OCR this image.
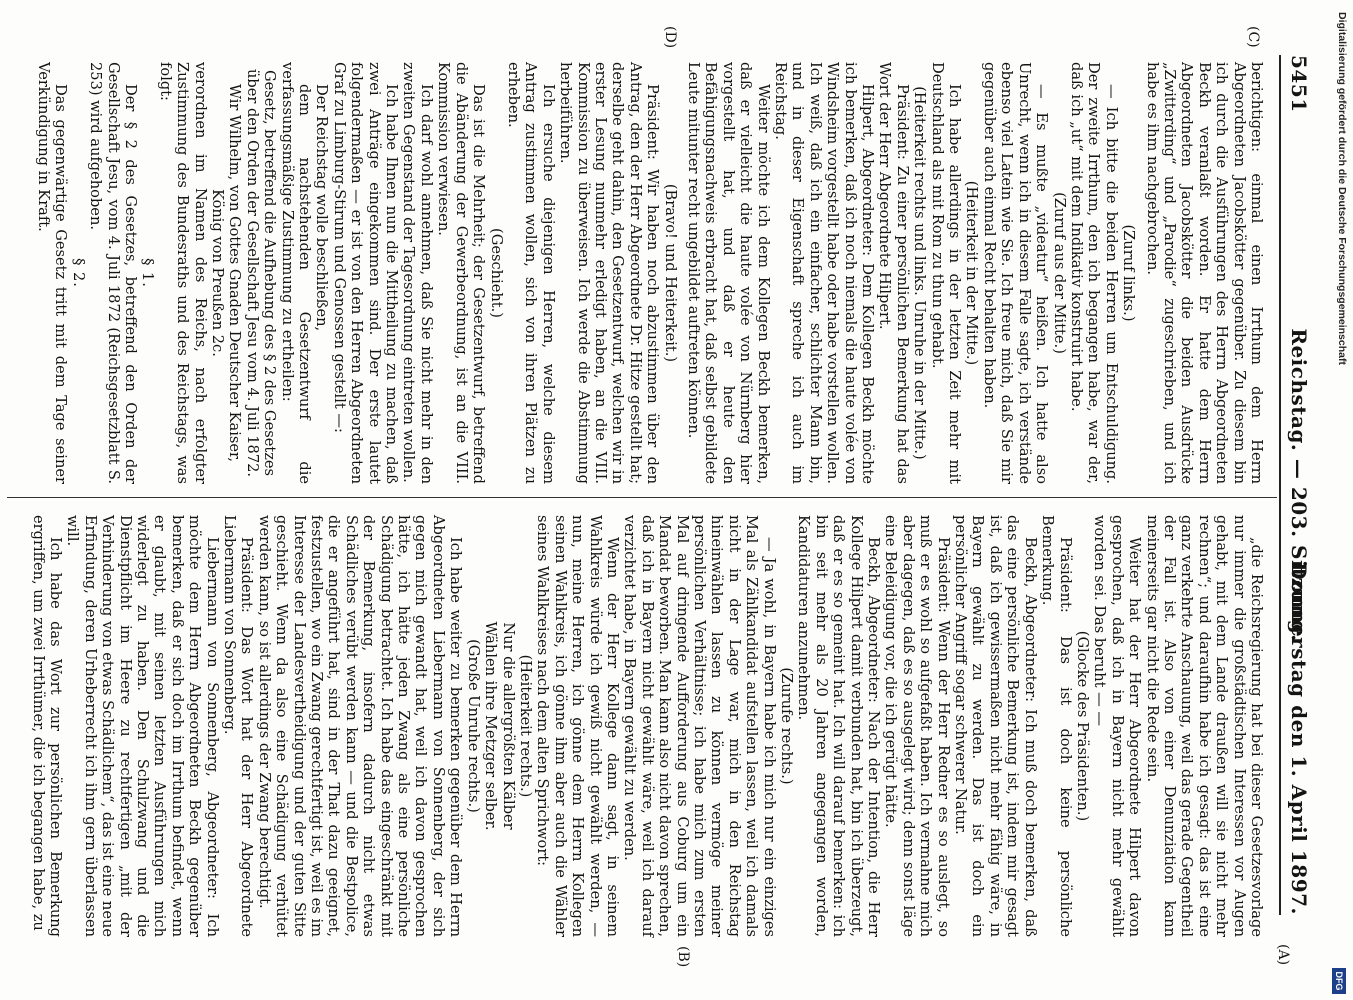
5451
Reichstag. — 203. Sitzung.
Donnerstag den 1. April 1897.
(C)
(D)
(A)
(B)

berichtigen: einmal einen Irrthum dem Herrn Abgeordneten Jacobskötter gegenüber. Zu diesem bin ich durch die Ausführungen des Herrn Abgeordneten Beckh veranlaßt worden. Er hatte dem Herrn Abgeordneten Jacobskötter die beiden Ausdrücke „Zwitterding“ und „Parodie“ zugeschrieben, und ich habe es ihm nachgebrochen.

(Zuruf links.)

— Ich bitte die beiden Herren um Entschuldigung. Der zweite Irrthum, den ich begangen habe, war der, daß ich „ut“ mit dem Indikativ konstruirt habe.

(Zuruf aus der Mitte.)

— Es mußte „videatur“ heißen. Ich hatte also Unrecht, wenn ich in diesem Falle sagte, ich verstände ebenso viel Latein wie Sie. Ich freue mich, daß Sie mir gegenüber auch einmal Recht behalten haben.

(Heiterkeit in der Mitte.)

Ich habe allerdings in der letzten Zeit mehr mit Deutschland als mit Rom zu thun gehabt.

(Heiterkeit rechts und links. Unruhe in der Mitte.)

Präsident: Zu einer persönlichen Bemerkung hat das Wort der Herr Abgeordnete Hilpert.

Hilpert, Abgeordneter: Dem Kollegen Beckh möchte ich bemerken, daß ich noch niemals die haute volée von Windsheim vorgestellt habe oder habe vorstellen wollen. Ich weiß, daß ich ein einfacher, schlichter Mann bin, und in dieser Eigenschaft spreche ich auch im Reichstag.

Weiter möchte ich dem Kollegen Beckh bemerken, daß er vielleicht die haute volée von Nürnberg hier vorgestellt hat, und daß er heute den Befähigungsnachweis erbracht hat, daß selbst gebildete Leute mitunter recht ungebildet auftreten können.

(Bravo! und Heiterkeit.)

Präsident: Wir haben noch abzustimmen über den Antrag, den der Herr Abgeordnete Dr. Hitze gestellt hat; derselbe geht dahin, den Gesetzentwurf, welchen wir in erster Lesung nunmehr erledigt haben, an die VIII. Kommission zu überweisen. Ich werde die Abstimmung herbeiführen.

Ich ersuche diejenigen Herren, welche diesem Antrag zustimmen wollen, sich von ihren Plätzen zu erheben.

(Geschieht.)

Das ist die Mehrheit; der Gesetzentwurf, betreffend die Abänderung der Gewerbeordnung, ist an die VIII. Kommission verwiesen.

Ich darf wohl annehmen, daß Sie nicht mehr in den zweiten Gegenstand der Tagesordnung eintreten wollen.

Ich habe Ihnen nun die Mittheilung zu machen, daß zwei Anträge eingekommen sind. Der erste lautet folgendermaßen — er ist von den Herren Abgeordneten Graf zu Limburg-Stirum und Genossen gestellt —:

Der Reichstag wolle beschließen,

dem nachstehenden Gesetzentwurf die verfassungsmäßige Zustimmung zu ertheilen:

Gesetz, betreffend die Aufhebung des § 2 des Gesetzes über den Orden der Gesellschaft Jesu vom 4. Juli 1872.

Wir Wilhelm, von Gottes Gnaden Deutscher Kaiser, König von Preußen 2c.

verordnen im Namen des Reichs, nach erfolgter Zustimmung des Bundesraths und des Reichstags, was folgt:

§ 1.

Der § 2 des Gesetzes, betreffend den Orden der Gesellschaft Jesu, vom 4. Juli 1872 (Reichsgesetzblatt S. 253) wird aufgehoben.

§ 2.

Das gegenwärtige Gesetz tritt mit dem Tage seiner Verkündigung in Kraft.

„die Reichsregierung hat bei dieser Gesetzesvorlage nur immer die großstädtischen Interessen vor Augen gehabt, mit dem Lande draußen will sie nicht mehr rechnen“; und daraufhin habe ich gesagt: das ist eine ganz verkehrte Anschauung, weil das gerade Gegentheil der Fall ist. Also von einer Denunziation kann meinerseits gar nicht die Rede sein.

Weiter hat der Herr Abgeordnete Hilpert davon gesprochen, daß ich in Bayern nicht mehr gewählt worden sei. Das beruht — —

(Glocke des Präsidenten.)

Präsident: Das ist doch keine persönliche Bemerkung.

Beckh, Abgeordneter: Ich muß doch bemerken, daß das eine persönliche Bemerkung ist, indem mir gesagt ist, daß ich gewissermaßen nicht mehr fähig wäre, in Bayern gewählt zu werden. Das ist doch ein persönlicher Angriff sogar schwerer Natur.

Präsident: Wenn der Herr Redner es so auslegt, so muß er es wohl so aufgefaßt haben. Ich vermahne mich aber dagegen, daß es so ausgelegt wird; denn sonst läge eine Beleidigung vor, die ich gerügt hätte.

Beckh, Abgeordneter: Nach der Intention, die Herr Kollege Hilpert damit verbunden hat, bin ich überzeugt, daß er es so gemeint hat. Ich will darauf bemerken: ich bin seit mehr als 20 Jahren angegangen worden, Kandidaturen anzunehmen.

(Zurufe rechts.)

— Ja wohl, in Bayern habe ich mich nur ein einziges Mal als Zählkandidat aufstellen lassen, weil ich damals nicht in der Lage war, mich in den Reichstag hineinwählen lassen zu können vermöge meiner persönlichen Verhältnisse; ich habe mich zum ersten Mal auf dringende Aufforderung aus Coburg um ein Mandat beworben. Man kann also nicht davon sprechen, daß ich in Bayern nicht gewählt wäre, weil ich darauf verzichtet habe, in Bayern gewählt zu werden.

Wenn der Herr Kollege dann sagt, in seinem Wahlkreis würde ich gewiß nicht gewählt werden, — nun, meine Herren, ich gönne dem Herrn Kollegen seinen Wahlkreis, ich gönne ihm aber auch die Wähler seines Wahlkreises nach dem alten Sprichwort:

(Heiterkeit rechts.)

Nur die allergrößten Kälber

Wählen ihre Metzger selber.

(Große Unruhe rechts.)

Ich habe weiter zu bemerken gegenüber dem Herrn Abgeordneten Liebermann von Sonnenberg, der sich gegen mich gewandt hat, weil ich davon gesprochen hätte, ich hätte jeden Zwang als eine persönliche Schädigung betrachtet. Ich habe das eingeschränkt mit der Bemerkung, insofern dadurch nicht etwas Schädliches verübt werden kann — und die Bestpolice, die er angeführt hat, sind in der That dazu geeignet, festzustellen, wo ein Zwang gerechtfertigt ist, weil es im Interesse der Landesvertheidigung und der guten Sitte geschieht. Wenn da also eine Schädigung verhütet werden kann, so ist allerdings der Zwang berechtigt.

Präsident: Das Wort hat der Herr Abgeordnete Liebermann von Sonnenberg.

Liebermann von Sonnenberg, Abgeordneter: Ich möchte dem Herrn Abgeordneten Beckh gegenüber bemerken, daß er sich doch im Irrthum befindet, wenn er glaubt, mit seinen letzten Ausführungen mich widerlegt zu haben. Den Schulzwang und die Dienstpflicht im Heere zu rechtfertigen „mit der Verhinderung von etwas Schädlichem“, das ist eine neue Erfindung, deren Urheberrecht ich ihm gern überlassen will.

Ich habe das Wort zur persönlichen Bemerkung ergriffen, um zwei Irrthümer, die ich begangen habe, zu

Digitalisierung gefördert durch die Deutsche Forschungsgemeinschaft
DFG
